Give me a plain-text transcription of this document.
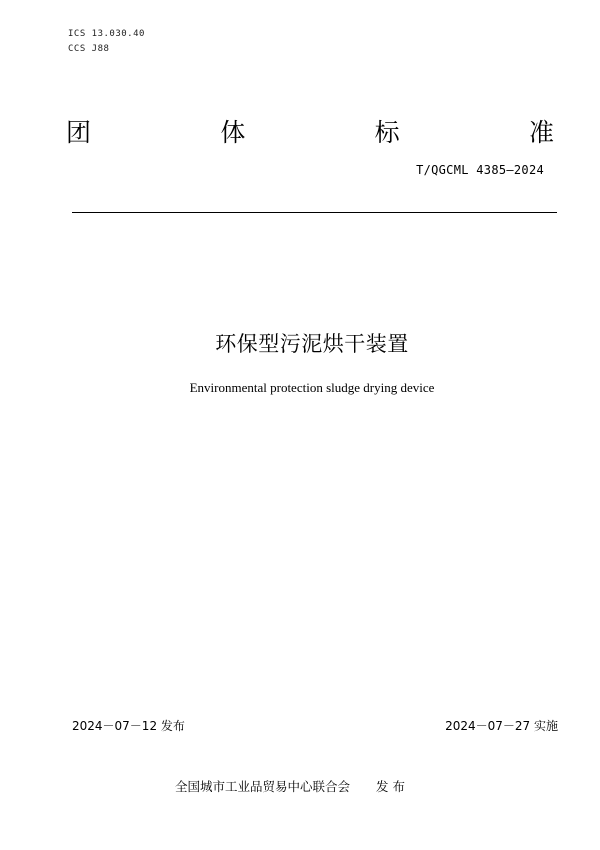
ICS 13.030.40
CCS J88
团	体	标	准
T/QGCML 4385—2024
环保型污泥烘干装置
Environmental protection sludge drying device
2024－07－12 发布	2024－07－27 实施
全国城市工业品贸易中心联合会 发 布
